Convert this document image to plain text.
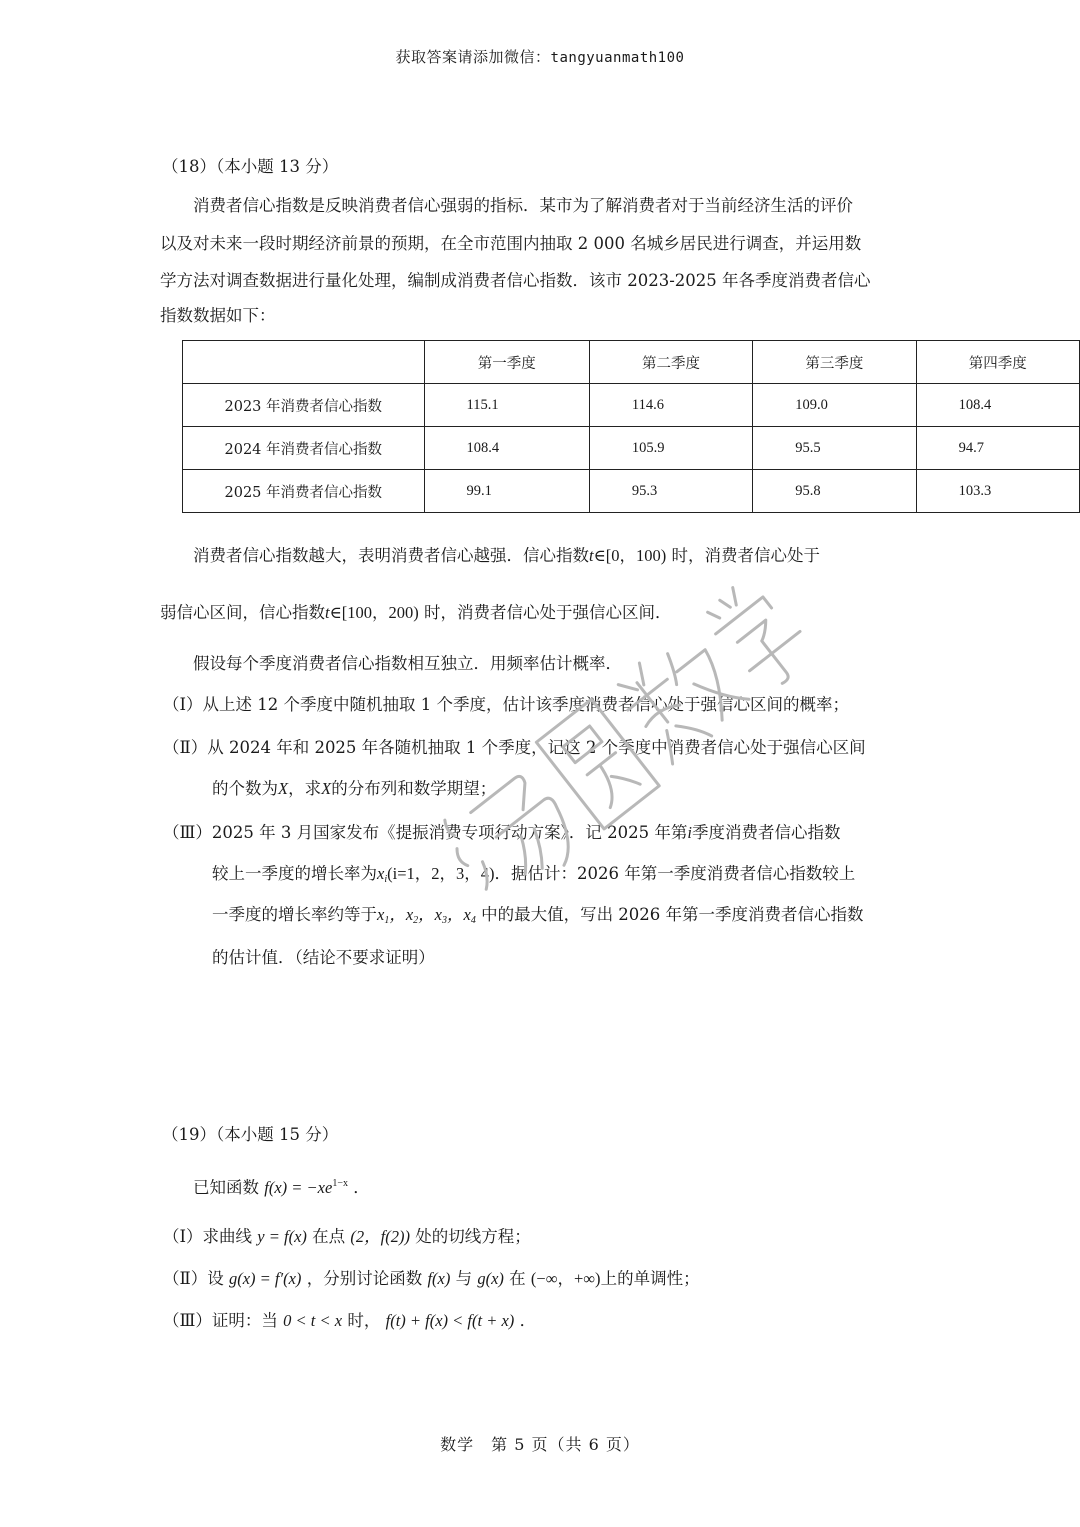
获取答案请添加微信：tangyuanmath100
（18）（本小题 13 分）
消费者信心指数是反映消费者信心强弱的指标．某市为了解消费者对于当前经济生活的评价
以及对未来一段时期经济前景的预期，在全市范围内抽取 2 000 名城乡居民进行调查，并运用数
学方法对调查数据进行量化处理，编制成消费者信心指数．该市 2023-2025 年各季度消费者信心
指数数据如下：
	第一季度	第二季度	第三季度	第四季度
2023 年消费者信心指数	115.1	114.6	109.0	108.4
2024 年消费者信心指数	108.4	105.9	95.5	94.7
2025 年消费者信心指数	99.1	95.3	95.8	103.3
消费者信心指数越大，表明消费者信心越强．信心指数t∈[0，100) 时，消费者信心处于
弱信心区间，信心指数t∈[100，200) 时，消费者信心处于强信心区间．
假设每个季度消费者信心指数相互独立．用频率估计概率．
（Ⅰ）从上述 12 个季度中随机抽取 1 个季度，估计该季度消费者信心处于强信心区间的概率；
（Ⅱ）从 2024 年和 2025 年各随机抽取 1 个季度，记这 2 个季度中消费者信心处于强信心区间
的个数为X，求X的分布列和数学期望；
（Ⅲ）2025 年 3 月国家发布《提振消费专项行动方案》．记 2025 年第i季度消费者信心指数
较上一季度的增长率为$x_i(i=1$，2，3，4)．据估计：2026 年第一季度消费者信心指数较上
一季度的增长率约等于$x_1$，$x_2$，$x_3$，$x_4$ 中的最大值，写出 2026 年第一季度消费者信心指数
的估计值．（结论不要求证明）
（19）（本小题 15 分）
已知函数 $f(x) = -xe^{1-x}$ ．
（Ⅰ）求曲线 y = f(x) 在点 (2，f(2)) 处的切线方程；
（Ⅱ）设 g(x) = f′(x) ，分别讨论函数 f(x) 与 g(x) 在 (−∞，+∞)上的单调性；
（Ⅲ）证明：当 0 < t < x 时， f(t) + f(x) < f(t + x) ．
数学　第 5 页（共 6 页）
